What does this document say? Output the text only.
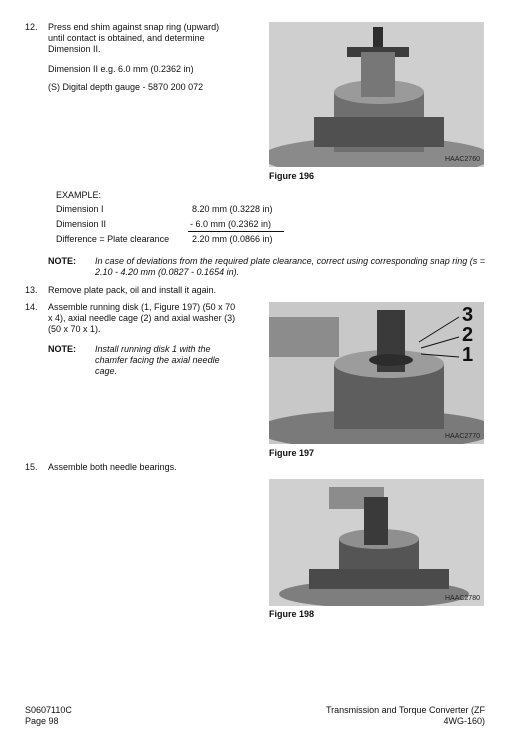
12. Press end shim against snap ring (upward) until contact is obtained, and determine Dimension II.
Dimension II e.g. 6.0 mm (0.2362 in)
(S) Digital depth gauge - 5870 200 072
HAAC2760
Figure 196
EXAMPLE:
Dimension I	8.20 mm (0.3228 in)
Dimension II	- 6.0 mm (0.2362 in)
Difference = Plate clearance	2.20 mm (0.0866 in)
NOTE: In case of deviations from the required plate clearance, correct using corresponding snap ring (s = 2.10 - 4.20 mm (0.0827 - 0.1654 in).
13. Remove plate pack, oil and install it again.
14. Assemble running disk (1, Figure 197) (50 x 70 x 4), axial needle cage (2) and axial washer (3) (50 x 70 x 1).
NOTE: Install running disk 1 with the chamfer facing the axial needle cage.
3
2
1
HAAC2770
Figure 197
15. Assemble both needle bearings.
HAAC2780
Figure 198
S0607110C
Page 98
Transmission and Torque Converter (ZF
4WG-160)
